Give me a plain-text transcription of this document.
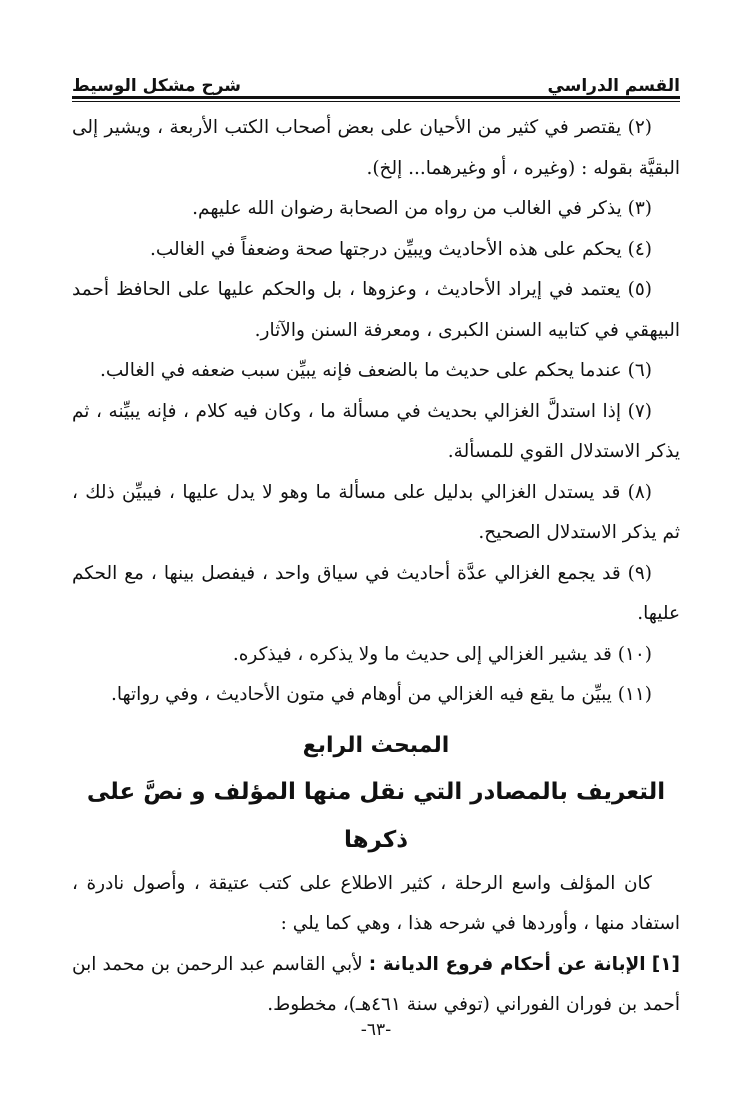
القسم الدراسي
شرح مشكل الوسيط

(٢) يقتصر في كثير من الأحيان على بعض أصحاب الكتب الأربعة ، ويشير إلى البقيَّة بقوله : (وغيره ، أو وغيرهما... إلخ).

(٣) يذكر في الغالب من رواه من الصحابة رضوان الله عليهم.

(٤) يحكم على هذه الأحاديث ويبيِّن درجتها صحة وضعفاً في الغالب.

(٥) يعتمد في إيراد الأحاديث ، وعزوها ، بل والحكم عليها على الحافظ أحمد البيهقي في كتابيه السنن الكبرى ، ومعرفة السنن والآثار.

(٦) عندما يحكم على حديث ما بالضعف فإنه يبيِّن سبب ضعفه في الغالب.

(٧) إذا استدلَّ الغزالي بحديث في مسألة ما ، وكان فيه كلام ، فإنه يبيِّنه ، ثم يذكر الاستدلال القوي للمسألة.

(٨) قد يستدل الغزالي بدليل على مسألة ما وهو لا يدل عليها ، فيبيِّن ذلك ، ثم يذكر الاستدلال الصحيح.

(٩) قد يجمع الغزالي عدَّة أحاديث في سياق واحد ، فيفصل بينها ، مع الحكم عليها.

(١٠) قد يشير الغزالي إلى حديث ما ولا يذكره ، فيذكره.

(١١) يبيِّن ما يقع فيه الغزالي من أوهام في متون الأحاديث ، وفي رواتها.

المبحث الرابع
التعريف بالمصادر التي نقل منها المؤلف و نصَّ على ذكرها

كان المؤلف واسع الرحلة ، كثير الاطلاع على كتب عتيقة ، وأصول نادرة ، استفاد منها ، وأوردها في شرحه هذا ، وهي كما يلي :

[١] الإبانة عن أحكام فروع الديانة : لأبي القاسم عبد الرحمن بن محمد ابن أحمد بن فوران الفوراني (توفي سنة ٤٦١هـ)، مخطوط.

-٦٣-
